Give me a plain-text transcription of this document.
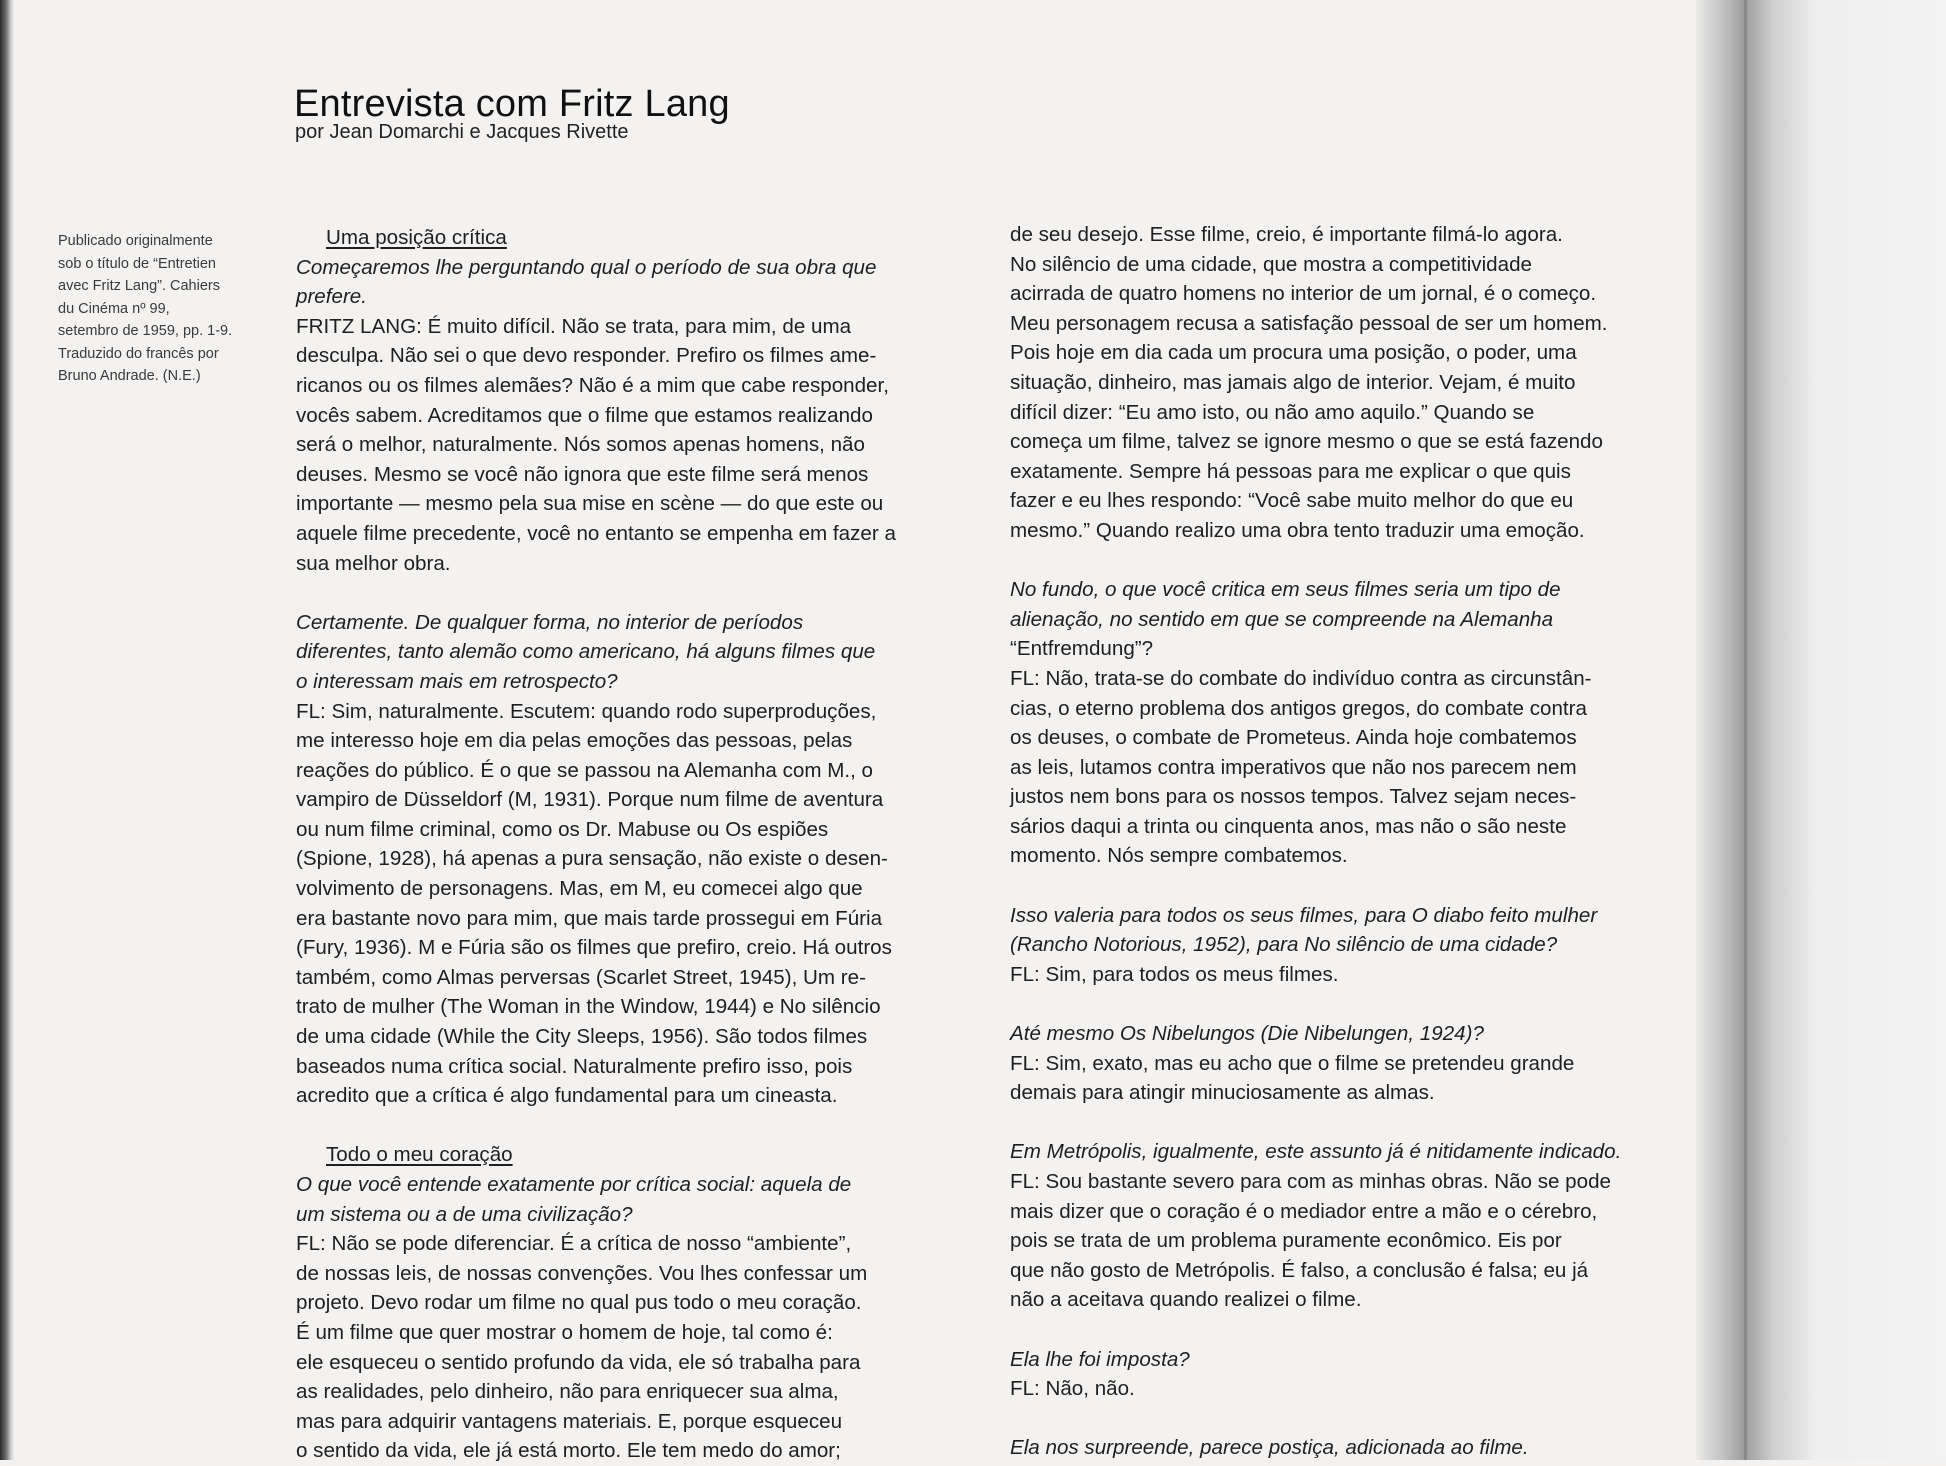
Entrevista com Fritz Lang
por Jean Domarchi e Jacques Rivette
Publicado originalmente
sob o título de “Entretien
avec Fritz Lang”. Cahiers
du Cinéma nº 99,
setembro de 1959, pp. 1-9.
Traduzido do francês por
Bruno Andrade. (N.E.)
Uma posição crítica
Começaremos lhe perguntando qual o período de sua obra que
prefere.
FRITZ LANG: É muito difícil. Não se trata, para mim, de uma
desculpa. Não sei o que devo responder. Prefiro os filmes ame-
ricanos ou os filmes alemães? Não é a mim que cabe responder,
vocês sabem. Acreditamos que o filme que estamos realizando
será o melhor, naturalmente. Nós somos apenas homens, não
deuses. Mesmo se você não ignora que este filme será menos
importante — mesmo pela sua mise en scène — do que este ou
aquele filme precedente, você no entanto se empenha em fazer a
sua melhor obra.
Certamente. De qualquer forma, no interior de períodos
diferentes, tanto alemão como americano, há alguns filmes que
o interessam mais em retrospecto?
FL: Sim, naturalmente. Escutem: quando rodo superproduções,
me interesso hoje em dia pelas emoções das pessoas, pelas
reações do público. É o que se passou na Alemanha com M., o
vampiro de Düsseldorf (M, 1931). Porque num filme de aventura
ou num filme criminal, como os Dr. Mabuse ou Os espiões
(Spione, 1928), há apenas a pura sensação, não existe o desen-
volvimento de personagens. Mas, em M, eu comecei algo que
era bastante novo para mim, que mais tarde prossegui em Fúria
(Fury, 1936). M e Fúria são os filmes que prefiro, creio. Há outros
também, como Almas perversas (Scarlet Street, 1945), Um re-
trato de mulher (The Woman in the Window, 1944) e No silêncio
de uma cidade (While the City Sleeps, 1956). São todos filmes
baseados numa crítica social. Naturalmente prefiro isso, pois
acredito que a crítica é algo fundamental para um cineasta.
Todo o meu coração
O que você entende exatamente por crítica social: aquela de
um sistema ou a de uma civilização?
FL: Não se pode diferenciar. É a crítica de nosso “ambiente”,
de nossas leis, de nossas convenções. Vou lhes confessar um
projeto. Devo rodar um filme no qual pus todo o meu coração.
É um filme que quer mostrar o homem de hoje, tal como é:
ele esqueceu o sentido profundo da vida, ele só trabalha para
as realidades, pelo dinheiro, não para enriquecer sua alma,
mas para adquirir vantagens materiais. E, porque esqueceu
o sentido da vida, ele já está morto. Ele tem medo do amor;
de seu desejo. Esse filme, creio, é importante filmá-lo agora.
No silêncio de uma cidade, que mostra a competitividade
acirrada de quatro homens no interior de um jornal, é o começo.
Meu personagem recusa a satisfação pessoal de ser um homem.
Pois hoje em dia cada um procura uma posição, o poder, uma
situação, dinheiro, mas jamais algo de interior. Vejam, é muito
difícil dizer: “Eu amo isto, ou não amo aquilo.” Quando se
começa um filme, talvez se ignore mesmo o que se está fazendo
exatamente. Sempre há pessoas para me explicar o que quis
fazer e eu lhes respondo: “Você sabe muito melhor do que eu
mesmo.” Quando realizo uma obra tento traduzir uma emoção.
No fundo, o que você critica em seus filmes seria um tipo de
alienação, no sentido em que se compreende na Alemanha
“Entfremdung”?
FL: Não, trata-se do combate do indivíduo contra as circunstân-
cias, o eterno problema dos antigos gregos, do combate contra
os deuses, o combate de Prometeus. Ainda hoje combatemos
as leis, lutamos contra imperativos que não nos parecem nem
justos nem bons para os nossos tempos. Talvez sejam neces-
sários daqui a trinta ou cinquenta anos, mas não o são neste
momento. Nós sempre combatemos.
Isso valeria para todos os seus filmes, para O diabo feito mulher
(Rancho Notorious, 1952), para No silêncio de uma cidade?
FL: Sim, para todos os meus filmes.
Até mesmo Os Nibelungos (Die Nibelungen, 1924)?
FL: Sim, exato, mas eu acho que o filme se pretendeu grande
demais para atingir minuciosamente as almas.
Em Metrópolis, igualmente, este assunto já é nitidamente indicado.
FL: Sou bastante severo para com as minhas obras. Não se pode
mais dizer que o coração é o mediador entre a mão e o cérebro,
pois se trata de um problema puramente econômico. Eis por
que não gosto de Metrópolis. É falso, a conclusão é falsa; eu já
não a aceitava quando realizei o filme.
Ela lhe foi imposta?
FL: Não, não.
Ela nos surpreende, parece postiça, adicionada ao filme.
